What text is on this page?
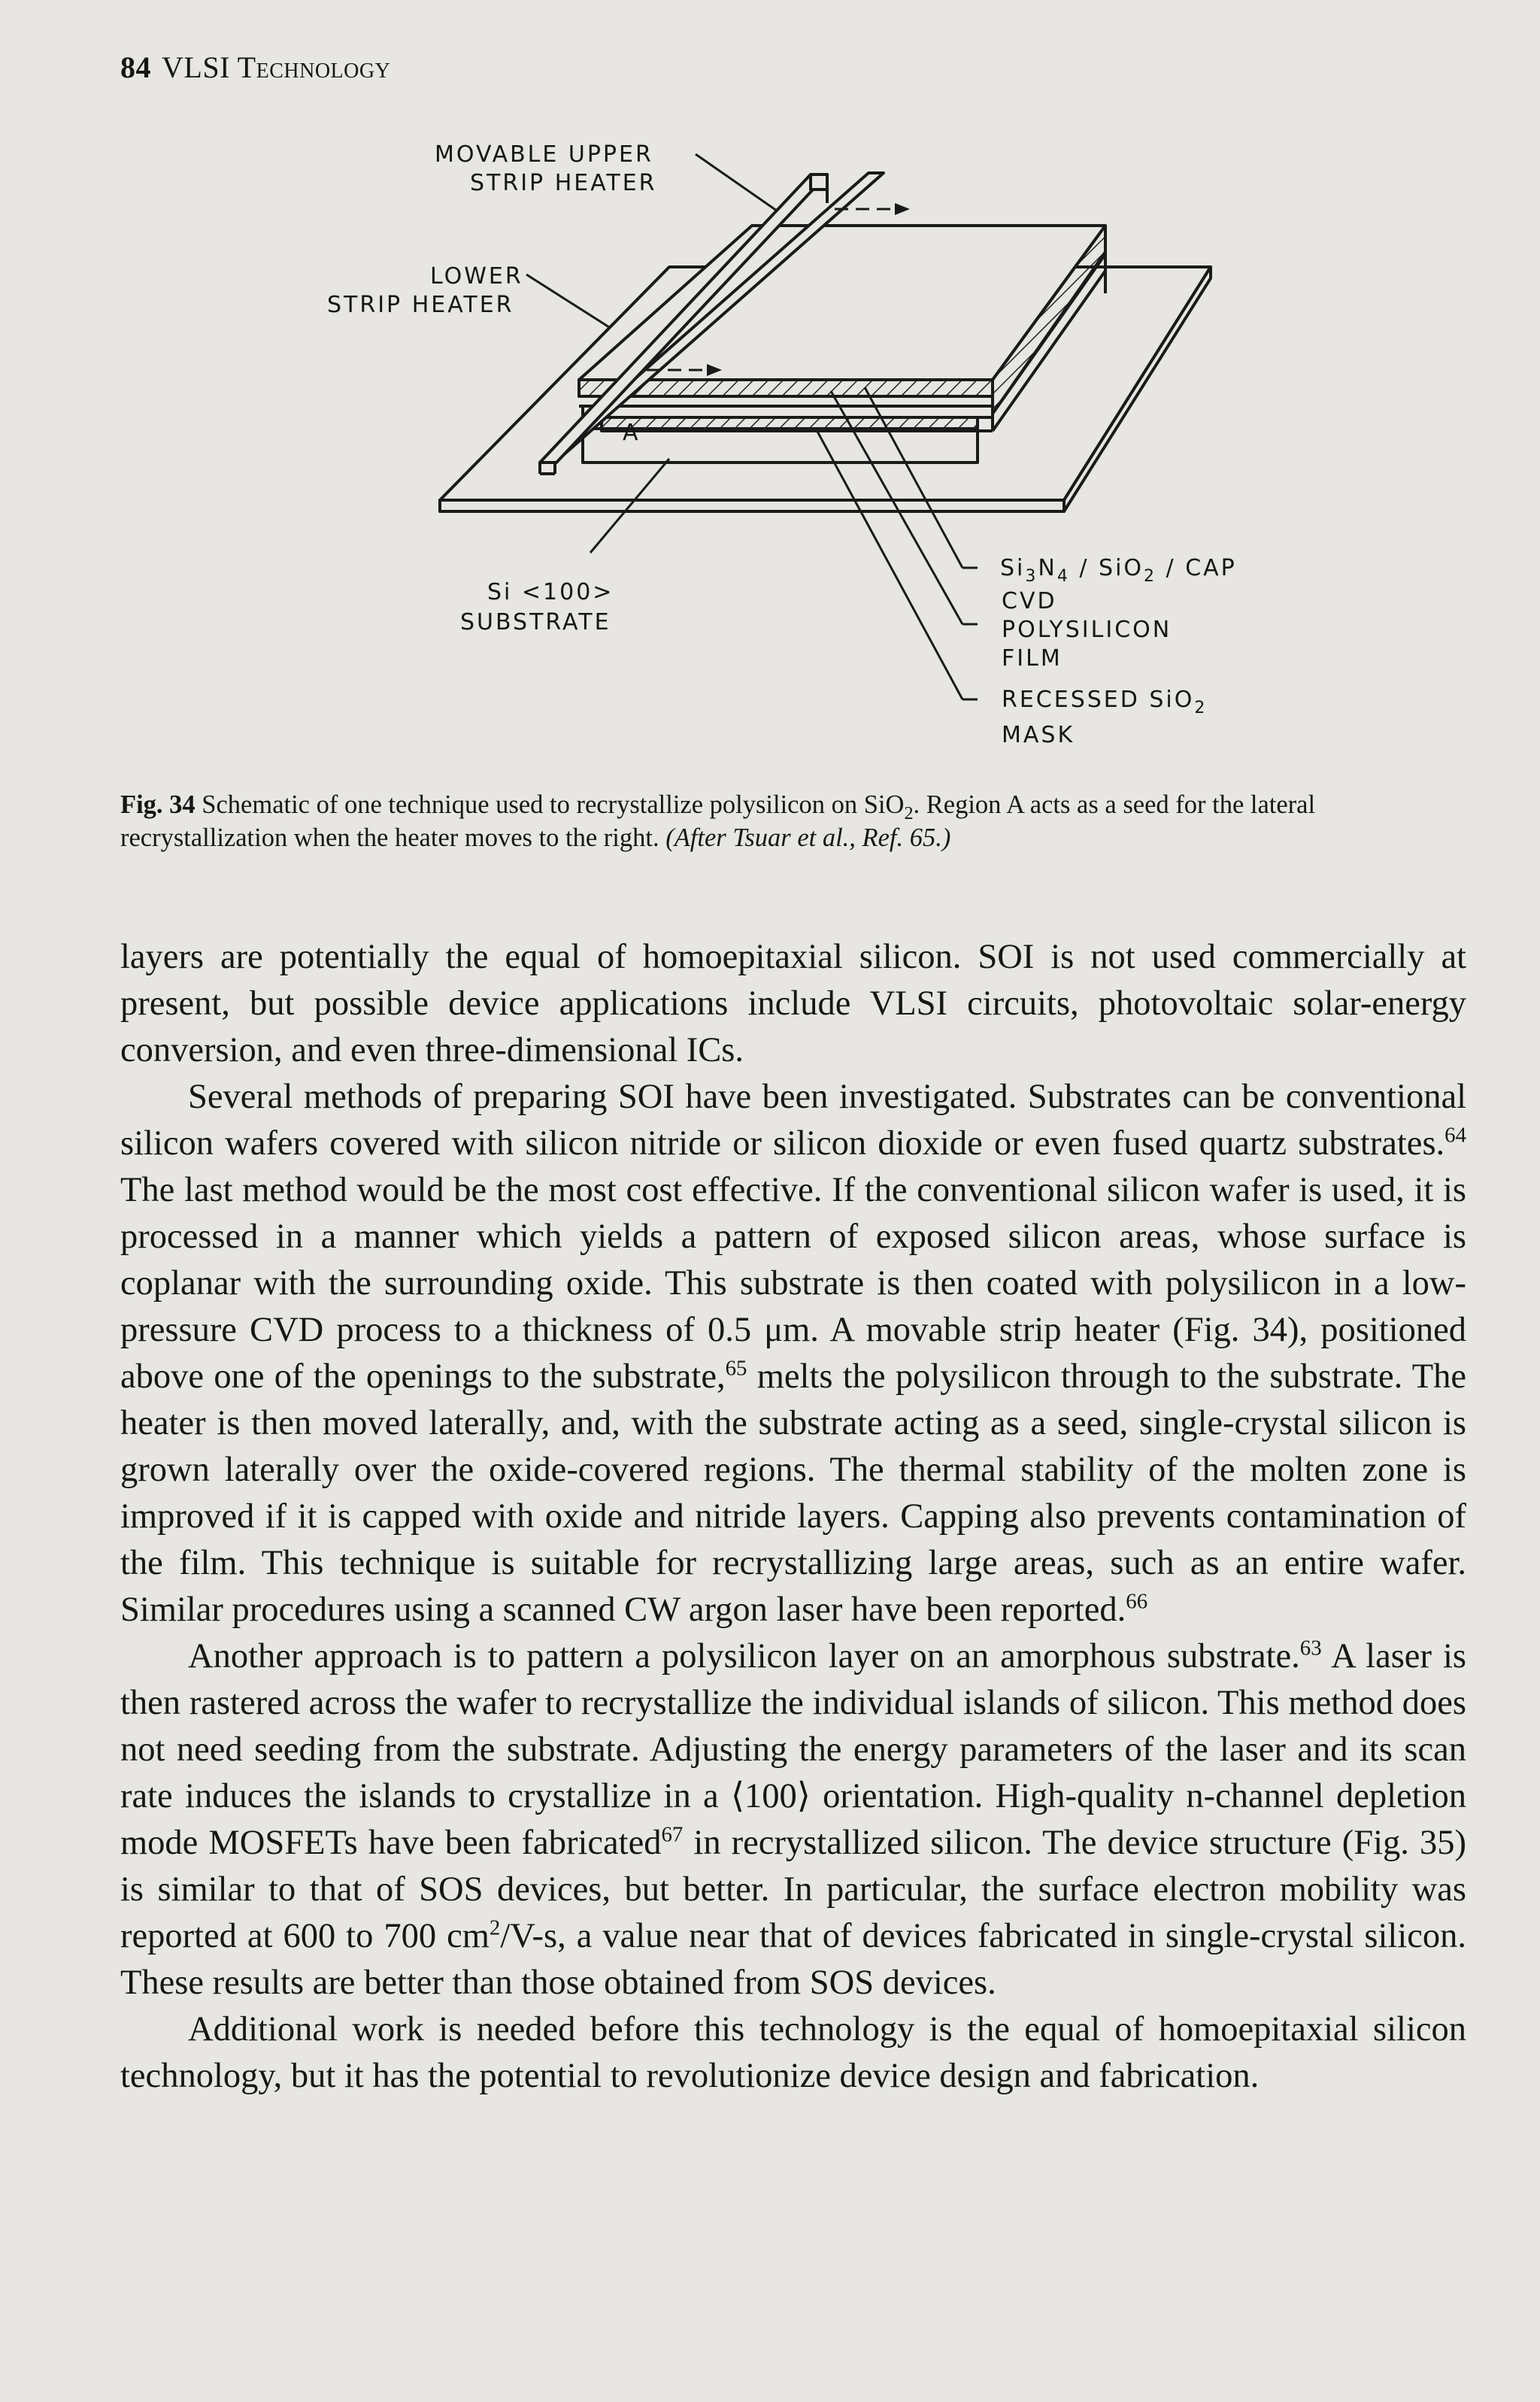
84 VLSI Technology
MOVABLE UPPER
STRIP HEATER
LOWER
STRIP HEATER
A
Si <100>
SUBSTRATE
$Si_3N_4 / SiO_2$ / CAP
CVD
POLYSILICON
FILM
RECESSED SiO$_2$
MASK
Fig. 34 Schematic of one technique used to recrystallize polysilicon on SiO$_2$. Region A acts as a seed for the lateral recrystallization when the heater moves to the right. (After Tsuar et al., Ref. 65.)

layers are potentially the equal of homoepitaxial silicon. SOI is not used commercially at present, but possible device applications include VLSI circuits, photovoltaic solar-energy conversion, and even three-dimensional ICs.

Several methods of preparing SOI have been investigated. Substrates can be conventional silicon wafers covered with silicon nitride or silicon dioxide or even fused quartz substrates.$^{64}$ The last method would be the most cost effective. If the conventional silicon wafer is used, it is processed in a manner which yields a pattern of exposed silicon areas, whose surface is coplanar with the surrounding oxide. This substrate is then coated with polysilicon in a low-pressure CVD process to a thickness of 0.5 μm. A movable strip heater (Fig. 34), positioned above one of the openings to the substrate,$^{65}$ melts the polysilicon through to the substrate. The heater is then moved laterally, and, with the substrate acting as a seed, single-crystal silicon is grown laterally over the oxide-covered regions. The thermal stability of the molten zone is improved if it is capped with oxide and nitride layers. Capping also prevents contamination of the film. This technique is suitable for recrystallizing large areas, such as an entire wafer. Similar procedures using a scanned CW argon laser have been reported.$^{66}$

Another approach is to pattern a polysilicon layer on an amorphous substrate.$^{63}$ A laser is then rastered across the wafer to recrystallize the individual islands of silicon. This method does not need seeding from the substrate. Adjusting the energy parameters of the laser and its scan rate induces the islands to crystallize in a ⟨100⟩ orientation. High-quality n-channel depletion mode MOSFETs have been fabricated$^{67}$ in recrystallized silicon. The device structure (Fig. 35) is similar to that of SOS devices, but better. In particular, the surface electron mobility was reported at 600 to 700 $cm^2/V-s$, a value near that of devices fabricated in single-crystal silicon. These results are better than those obtained from SOS devices.

Additional work is needed before this technology is the equal of homoepitaxial silicon technology, but it has the potential to revolutionize device design and fabrication.
